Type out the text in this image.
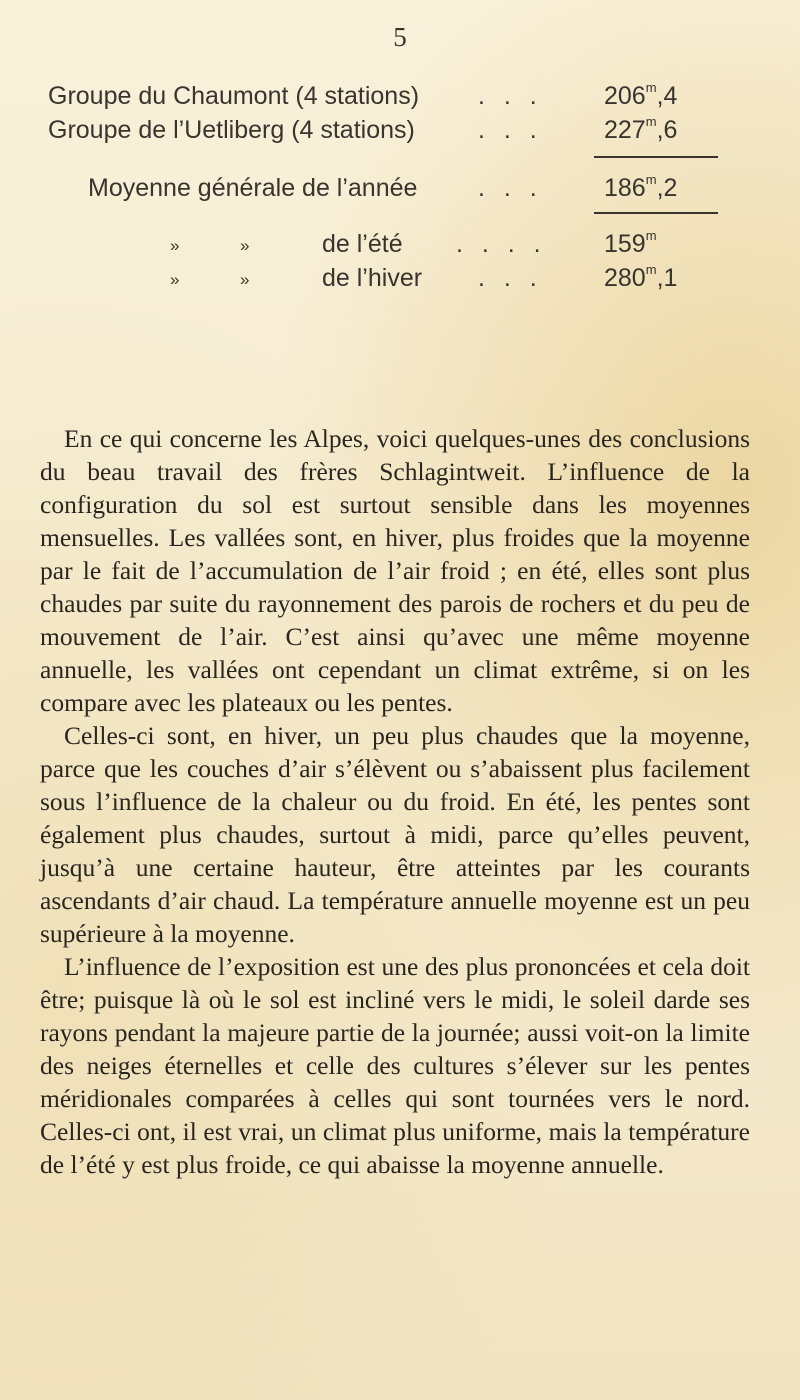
5
Groupe du Chaumont (4 stations) . . . 206$^m$,4
Groupe de l’Uetliberg (4 stations)	. . . 227$^m$,6
Moyenne générale de l’année . . . 186$^m$,2
»	»	de l’été . . . . 159$^m$
»	»	de l’hiver . . . 280$^m$,1

En ce qui concerne les Alpes, voici quelques-unes des conclusions du beau travail des frères Schlagintweit. L’influence de la configuration du sol est surtout sensible dans les moyennes mensuelles. Les vallées sont, en hiver, plus froides que la moyenne par le fait de l’accumulation de l’air froid ; en été, elles sont plus chaudes par suite du rayonnement des parois de rochers et du peu de mouvement de l’air. C’est ainsi qu’avec une même moyenne annuelle, les vallées ont cependant un climat extrême, si on les compare avec les plateaux ou les pentes.

Celles-ci sont, en hiver, un peu plus chaudes que la moyenne, parce que les couches d’air s’élèvent ou s’abaissent plus facilement sous l’influence de la chaleur ou du froid. En été, les pentes sont également plus chaudes, surtout à midi, parce qu’elles peuvent, jusqu’à une certaine hauteur, être atteintes par les courants ascendants d’air chaud. La température annuelle moyenne est un peu supérieure à la moyenne.

L’influence de l’exposition est une des plus prononcées et cela doit être; puisque là où le sol est incliné vers le midi, le soleil darde ses rayons pendant la majeure partie de la journée; aussi voit-on la limite des neiges éternelles et celle des cultures s’élever sur les pentes méridionales comparées à celles qui sont tournées vers le nord. Celles-ci ont, il est vrai, un climat plus uniforme, mais la température de l’été y est plus froide, ce qui abaisse la moyenne annuelle.
